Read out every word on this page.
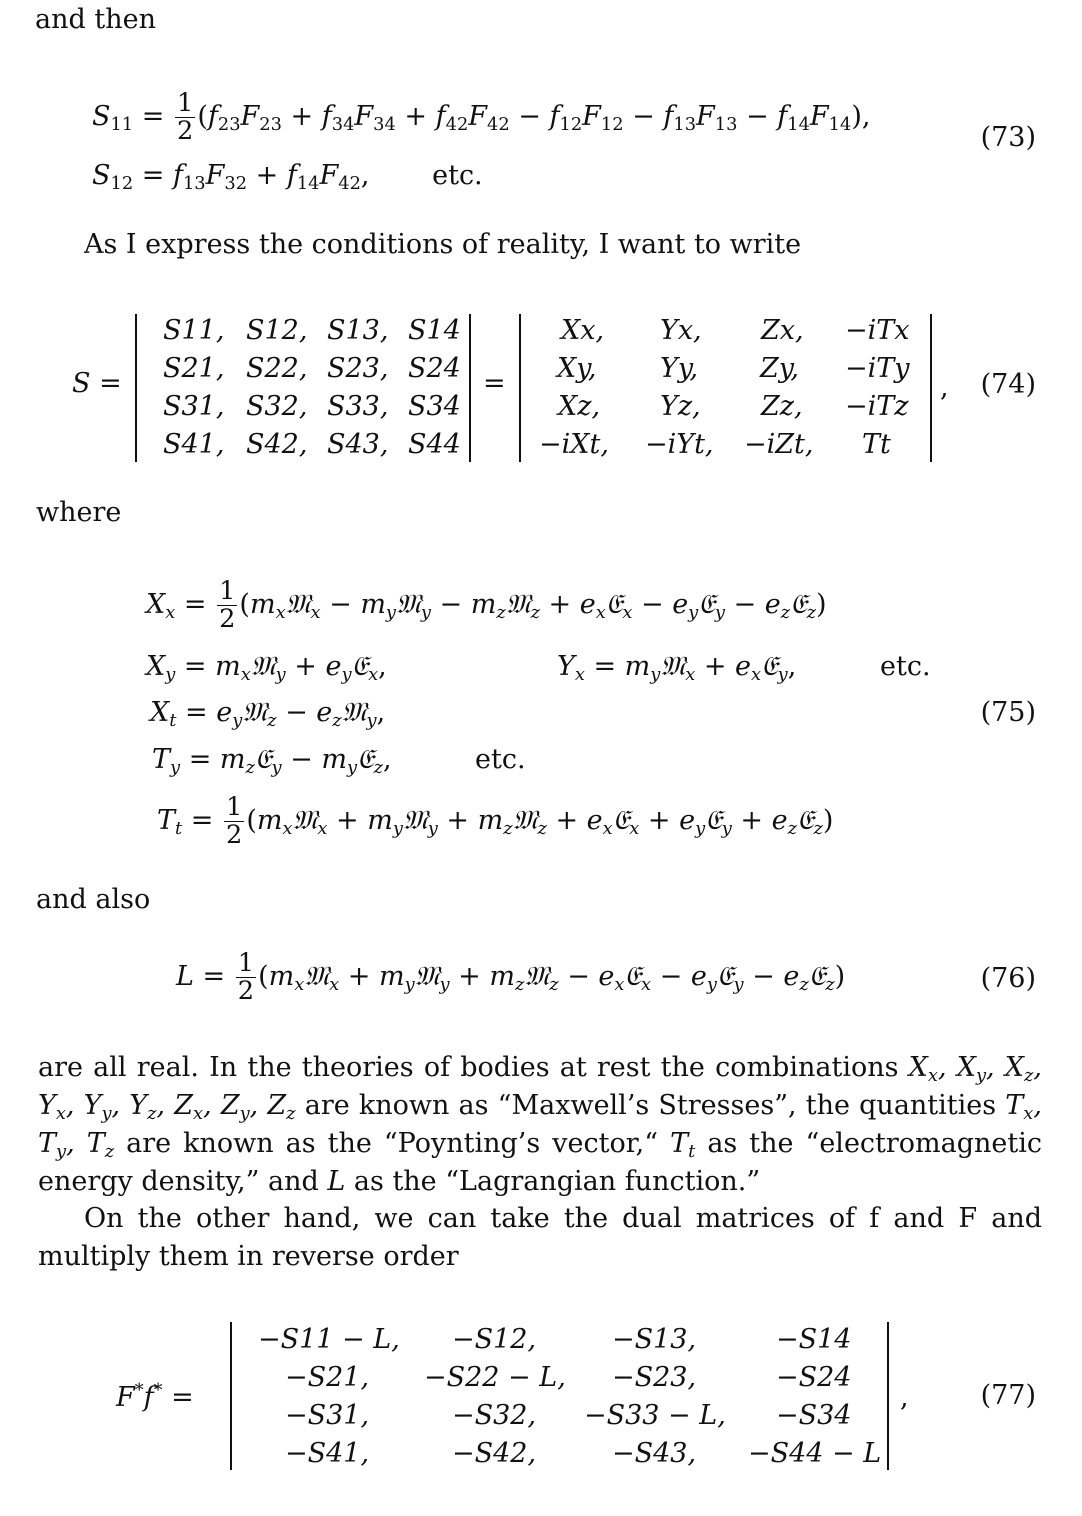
and then
$S_{11} = \frac{1}{2} (f_{23}F_{23} + f_{34}F_{34} + f_{42}F_{42} - f_{12}F_{12} - f_{13}F_{13} - f_{14}F_{14})$,
$S_{12} = f_{13}F_{32} + f_{14}F_{42}$, etc.
(73)
As I express the conditions of reality, I want to write
S =	=	, (74)
S11, S12, S13, S14
S21, S22, S23, S24
S31, S32, S33, S34
S41, S42, S43, S44
Xx, Yx, Zx, −iTx
Xy, Yy, Zy, −iTy
Xz, Yz, Zz, −iTz
−iXt, −iYt, −iZt, Tt
where
$X_x = \frac{1}{2}$ ($m_x𝔐_x$ − $m_y𝔐_y$ − $m_z𝔐_z$ + $e_x𝔈_x$ − $e_y𝔈_y$ − $e_z𝔈_z$)
$X_y$ = $m_x𝔐_y$ + $e_y𝔈_x$,	$Y_x$ = $m_y𝔐_x$ + $e_x𝔈_y$,	etc.
$X_t$ = $e_y𝔐_z$ − $e_z𝔐_y$,	(75)
$T_y$ = $m_z𝔈_y$ − $m_y𝔈_z$,	etc.
$T_t = \frac{1}{2}$ ($m_x𝔐_x$ + $m_y𝔐_y$ + $m_z𝔐_z$ + $e_x𝔈_x$ + $e_y𝔈_y$ + $e_z𝔈_z$)
and also
$L = \frac{1}{2}$ ($m_x𝔐_x$ + $m_y𝔐_y$ + $m_z𝔐_z$ − $e_x𝔈_x$ − $e_y𝔈_y$ − $e_z𝔈_z$)	(76)
are all real. In the theories of bodies at rest the combinations $X_x$, $X_y$, $X_z$, $Y_x$, $Y_y$, $Y_z$, $Z_x$, $Z_y$, $Z_z$ are known as “Maxwell’s Stresses”, the quantities $T_x$, $T_y$, $T_z$ are known as the “Poynting’s vector,“ $T_t$ as the “electromagnetic energy density,” and L as the “Lagrangian function.”
On the other hand, we can take the dual matrices of f and F and multiply them in reverse order
F*f* =	,	(77)
−S11 − L, −S12,	−S13,	−S14
−S21, −S22 − L, −S23,	−S24
−S31,	−S32, −S33 − L, −S34
−S41,	−S42,	−S43, −S44 − L
